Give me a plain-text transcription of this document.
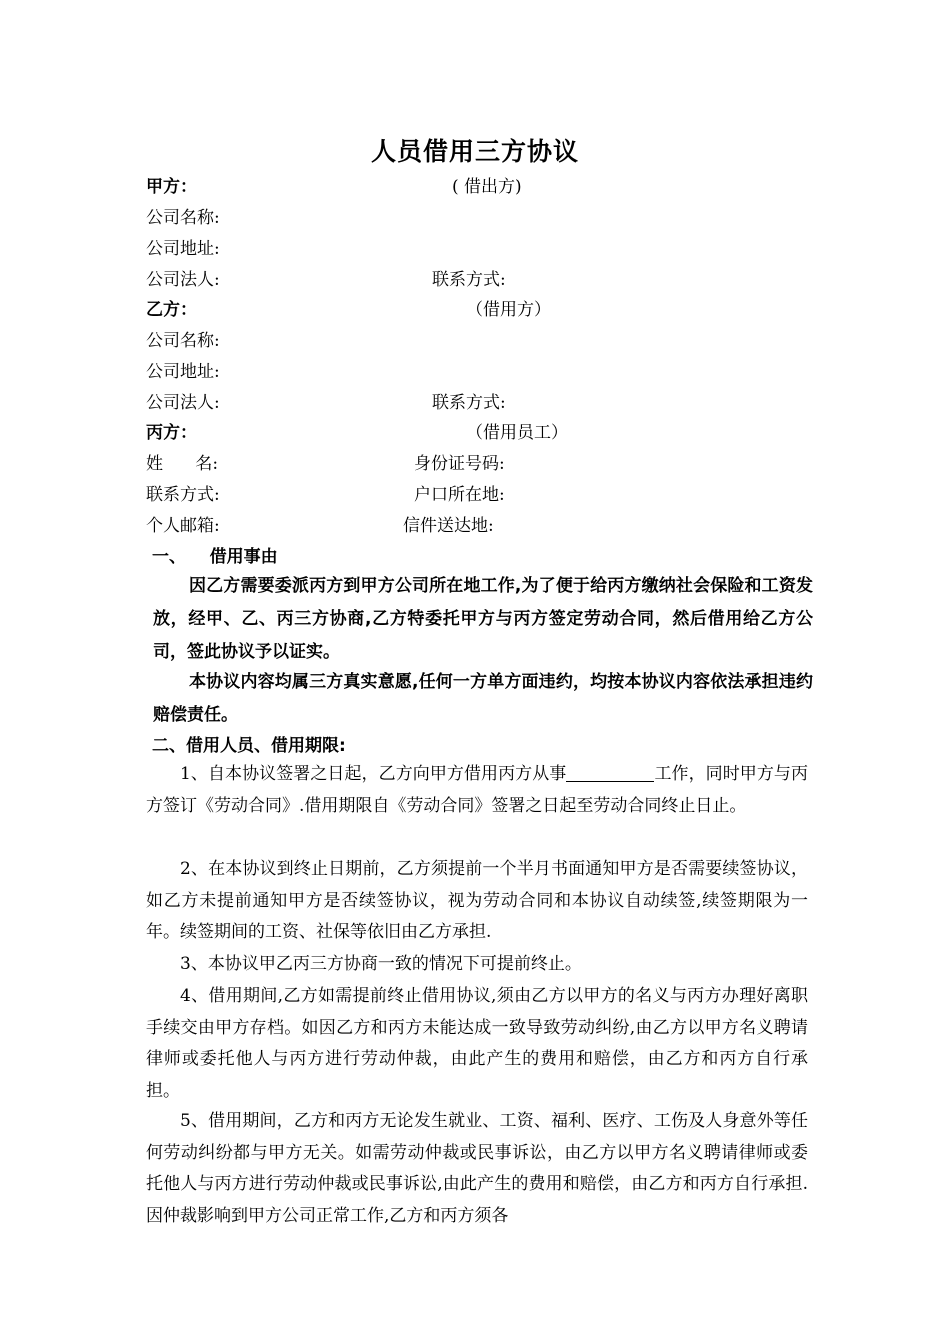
人员借用三方协议
甲方：	( 借出方)
公司名称:
公司地址:
公司法人:	联系方式:
乙方：	（借用方）
公司名称:
公司地址:
公司法人:	联系方式:
丙方：	（借用员工）
姓      名:	身份证号码:
联系方式:	户口所在地:
个人邮箱:	信件送达地:
一、    借用事由
因乙方需要委派丙方到甲方公司所在地工作,为了便于给丙方缴纳社会保险和工资发放，经甲、乙、丙三方协商,乙方特委托甲方与丙方签定劳动合同，然后借用给乙方公司，签此协议予以证实。
本协议内容均属三方真实意愿,任何一方单方面违约，均按本协议内容依法承担违约赔偿责任。
二、借用人员、借用期限:
1、自本协议签署之日起，乙方向甲方借用丙方从事	工作，同时甲方与丙方签订《劳动合同》.借用期限自《劳动合同》签署之日起至劳动合同终止日止。
2、在本协议到终止日期前，乙方须提前一个半月书面通知甲方是否需要续签协议，如乙方未提前通知甲方是否续签协议，视为劳动合同和本协议自动续签,续签期限为一年。续签期间的工资、社保等依旧由乙方承担.
3、本协议甲乙丙三方协商一致的情况下可提前终止。
4、借用期间,乙方如需提前终止借用协议,须由乙方以甲方的名义与丙方办理好离职手续交由甲方存档。如因乙方和丙方未能达成一致导致劳动纠纷,由乙方以甲方名义聘请律师或委托他人与丙方进行劳动仲裁，由此产生的费用和赔偿，由乙方和丙方自行承担。
5、借用期间，乙方和丙方无论发生就业、工资、福利、医疗、工伤及人身意外等任何劳动纠纷都与甲方无关。如需劳动仲裁或民事诉讼，由乙方以甲方名义聘请律师或委托他人与丙方进行劳动仲裁或民事诉讼,由此产生的费用和赔偿，由乙方和丙方自行承担.因仲裁影响到甲方公司正常工作,乙方和丙方须各
